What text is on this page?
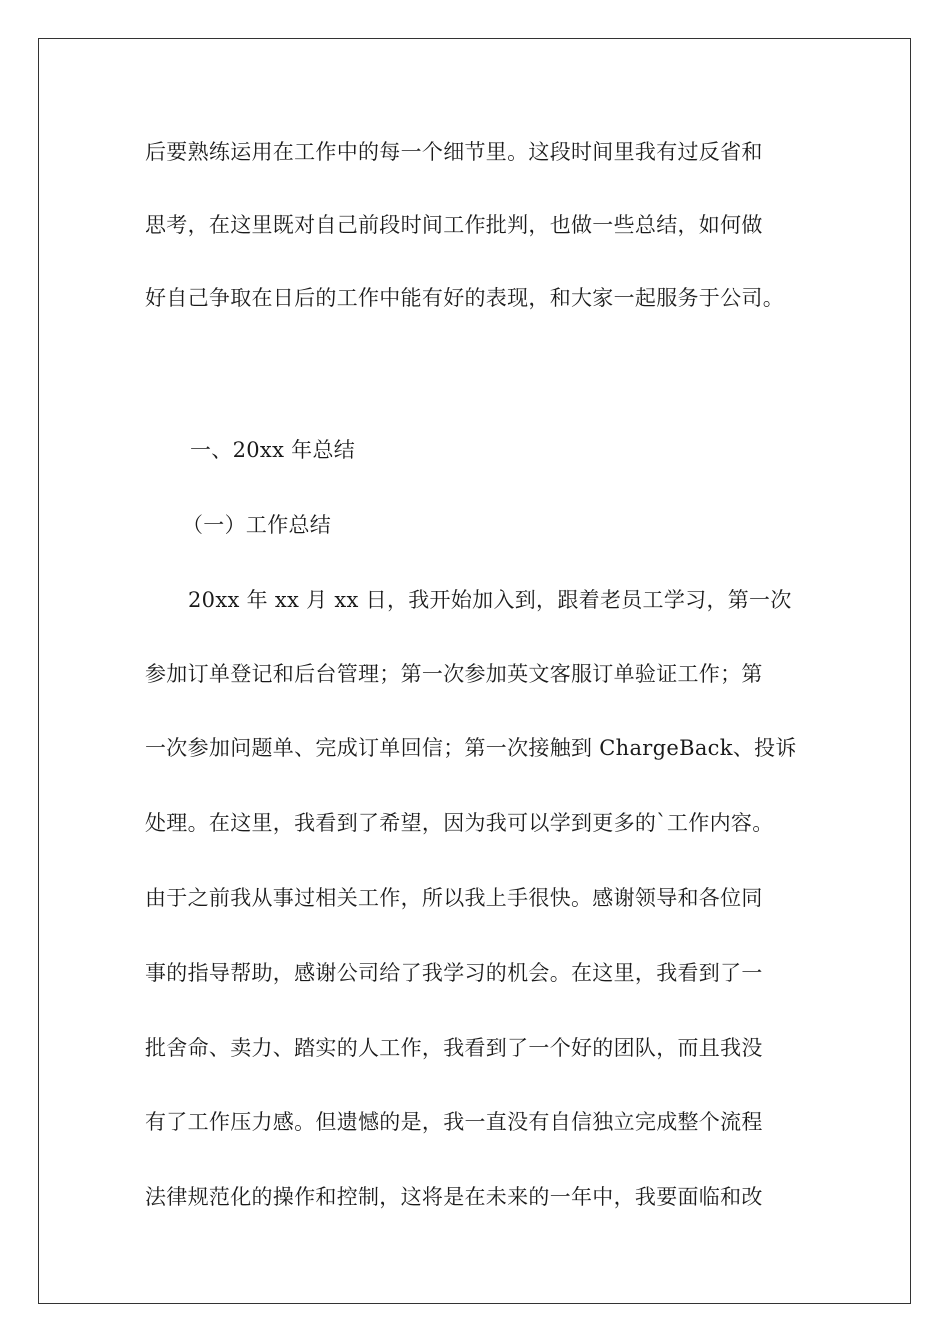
后要熟练运用在工作中的每一个细节里。这段时间里我有过反省和
思考，在这里既对自己前段时间工作批判，也做一些总结，如何做
好自己争取在日后的工作中能有好的表现，和大家一起服务于公司。
一、20xx 年总结
（一）工作总结
20xx 年 xx 月 xx 日，我开始加入到，跟着老员工学习，第一次
参加订单登记和后台管理；第一次参加英文客服订单验证工作；第
一次参加问题单、完成订单回信；第一次接触到 ChargeBack、投诉
处理。在这里，我看到了希望，因为我可以学到更多的`工作内容。
由于之前我从事过相关工作，所以我上手很快。感谢领导和各位同
事的指导帮助，感谢公司给了我学习的机会。在这里，我看到了一
批舍命、卖力、踏实的人工作，我看到了一个好的团队，而且我没
有了工作压力感。但遗憾的是，我一直没有自信独立完成整个流程
法律规范化的操作和控制，这将是在未来的一年中，我要面临和改
